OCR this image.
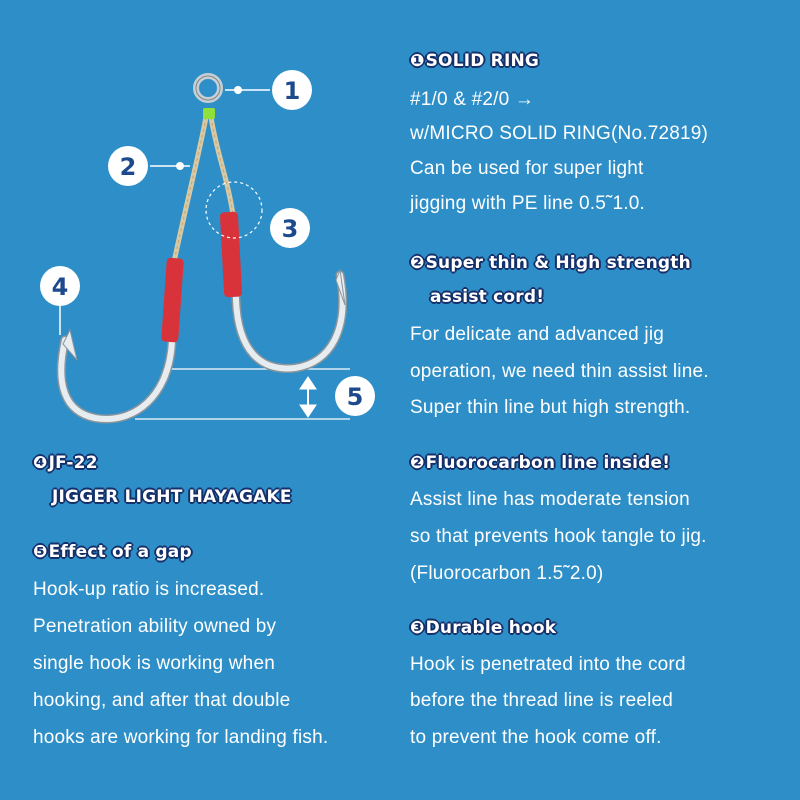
1
2
3
4
5
❶SOLID RING
#1/0 & #2/0 →
w/MICRO SOLID RING(No.72819)
Can be used for super light
jigging with PE line 0.5˜1.0.
❷Super thin & High strength
assist cord!
For delicate and advanced jig
operation, we need thin assist line.
Super thin line but high strength.
❷Fluorocarbon line inside!
Assist line has moderate tension
so that prevents hook tangle to jig.
(Fluorocarbon 1.5˜2.0)
❸Durable hook
Hook is penetrated into the cord
before the thread line is reeled
to prevent the hook come off.
❹JF-22
JIGGER LIGHT HAYAGAKE
❺Effect of a gap
Hook-up ratio is increased.
Penetration ability owned by
single hook is working when
hooking, and after that double
hooks are working for landing fish.
